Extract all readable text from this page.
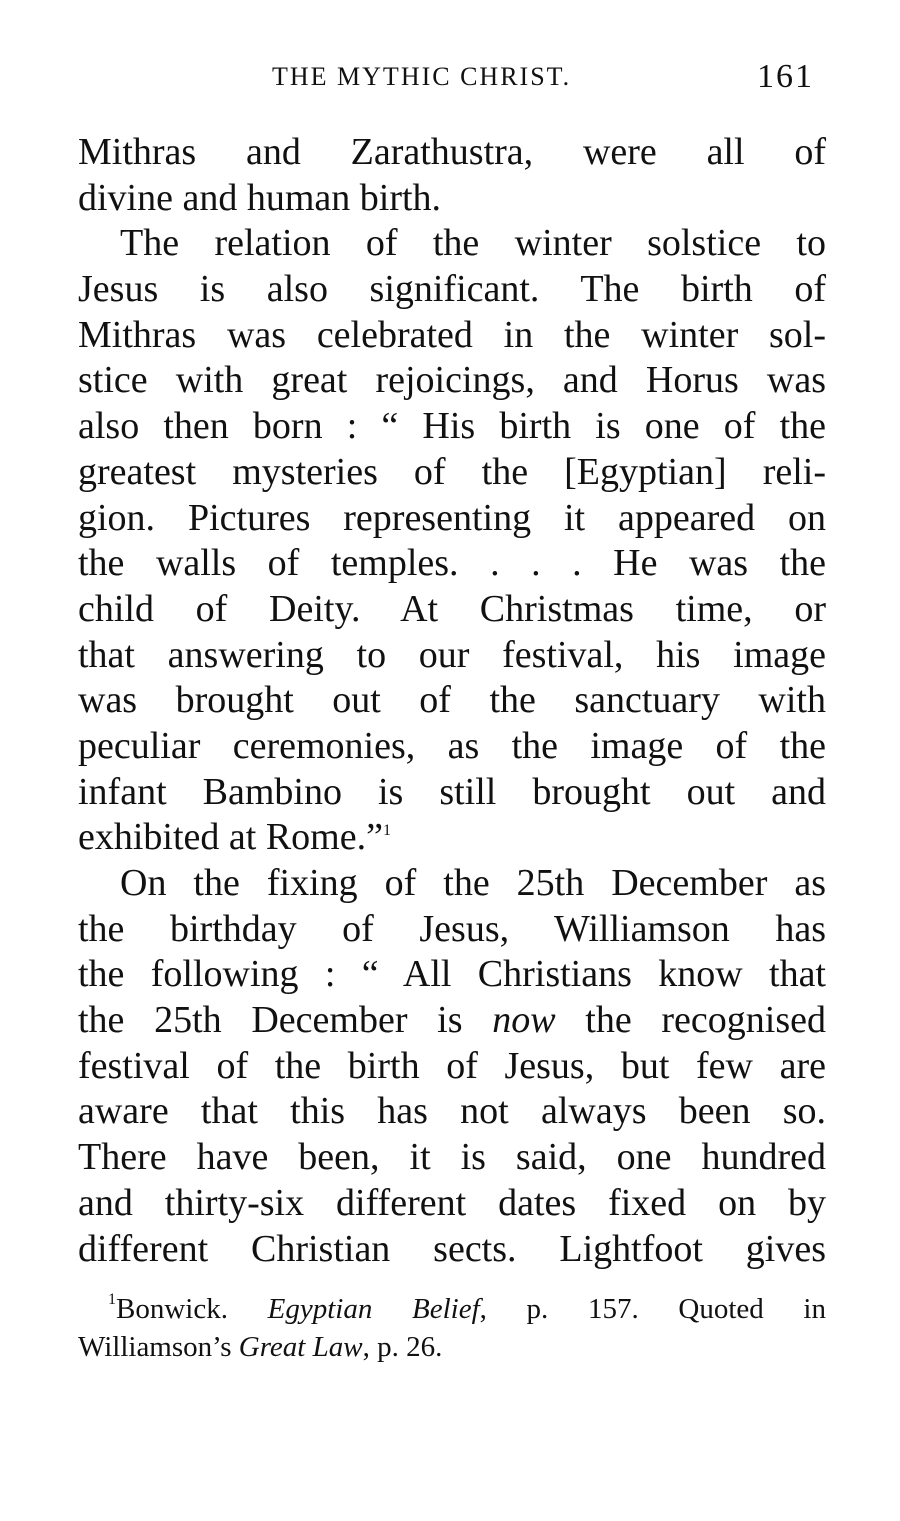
THE MYTHIC CHRIST.	161
Mithras and Zarathustra, were all of
divine and human birth.
The relation of the winter solstice to
Jesus is also significant. The birth of
Mithras was celebrated in the winter sol-
stice with great rejoicings, and Horus was
also then born : “ His birth is one of the
greatest mysteries of the [Egyptian] reli-
gion. Pictures representing it appeared on
the walls of temples. . . . He was the
child of Deity. At Christmas time, or
that answering to our festival, his image
was brought out of the sanctuary with
peculiar ceremonies, as the image of the
infant Bambino is still brought out and
exhibited at Rome.”$^1$
On the fixing of the 25th December as
the birthday of Jesus, Williamson has
the following : “ All Christians know that
the 25th December is now the recognised
festival of the birth of Jesus, but few are
aware that this has not always been so.
There have been, it is said, one hundred
and thirty-six different dates fixed on by
different Christian sects. Lightfoot gives
$^1$Bonwick. Egyptian Belief, p. 157. Quoted in
Williamson’s Great Law, p. 26.
